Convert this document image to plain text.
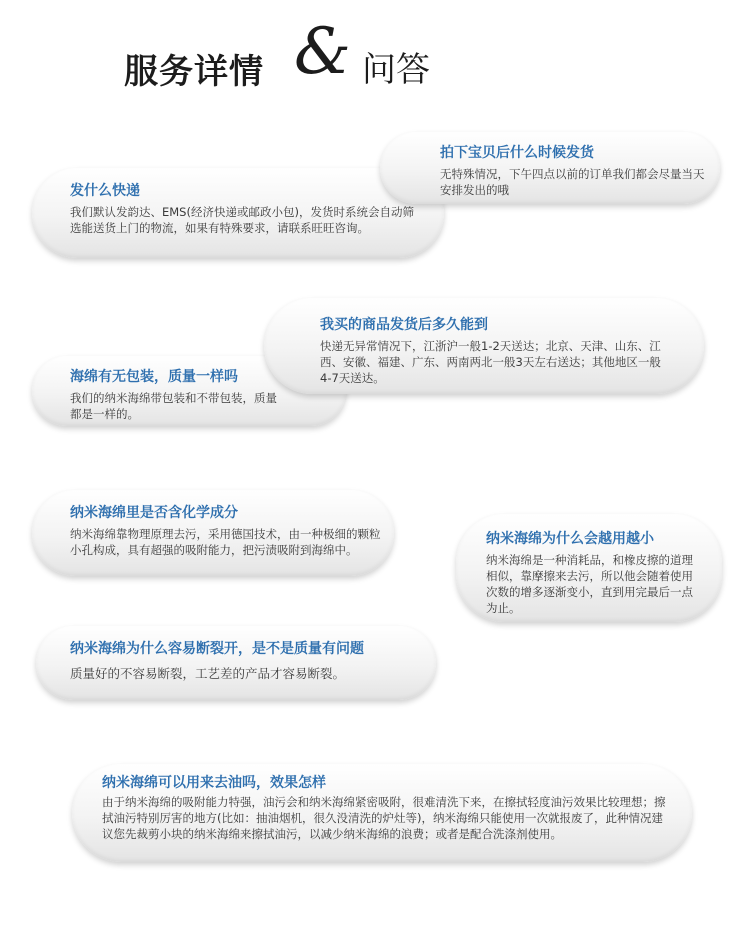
服务详情 & 问答

发什么快递

我们默认发韵达、EMS(经济快递或邮政小包)，发货时系统会自动筛选能送货上门的物流，如果有特殊要求，请联系旺旺咨询。

拍下宝贝后什么时候发货

无特殊情况，下午四点以前的订单我们都会尽量当天安排发出的哦

海绵有无包装，质量一样吗

我们的纳米海绵带包装和不带包装，质量都是一样的。

我买的商品发货后多久能到

快递无异常情况下，江浙沪一般1-2天送达；北京、天津、山东、江西、安徽、福建、广东、两南两北一般3天左右送达；其他地区一般4-7天送达。

纳米海绵里是否含化学成分

纳米海绵靠物理原理去污，采用德国技术，由一种极细的颗粒小孔构成，具有超强的吸附能力，把污渍吸附到海绵中。

纳米海绵为什么会越用越小

纳米海绵是一种消耗品，和橡皮擦的道理相似，靠摩擦来去污，所以他会随着使用次数的增多逐渐变小，直到用完最后一点为止。

纳米海绵为什么容易断裂开，是不是质量有问题

质量好的不容易断裂，工艺差的产品才容易断裂。

纳米海绵可以用来去油吗，效果怎样

由于纳米海绵的吸附能力特强，油污会和纳米海绵紧密吸附，很难清洗下来，在擦拭轻度油污效果比较理想；擦拭油污特别厉害的地方(比如：抽油烟机，很久没清洗的炉灶等)，纳米海绵只能使用一次就报废了，此种情况建议您先裁剪小块的纳米海绵来擦拭油污，以减少纳米海绵的浪费；或者是配合洗涤剂使用。
